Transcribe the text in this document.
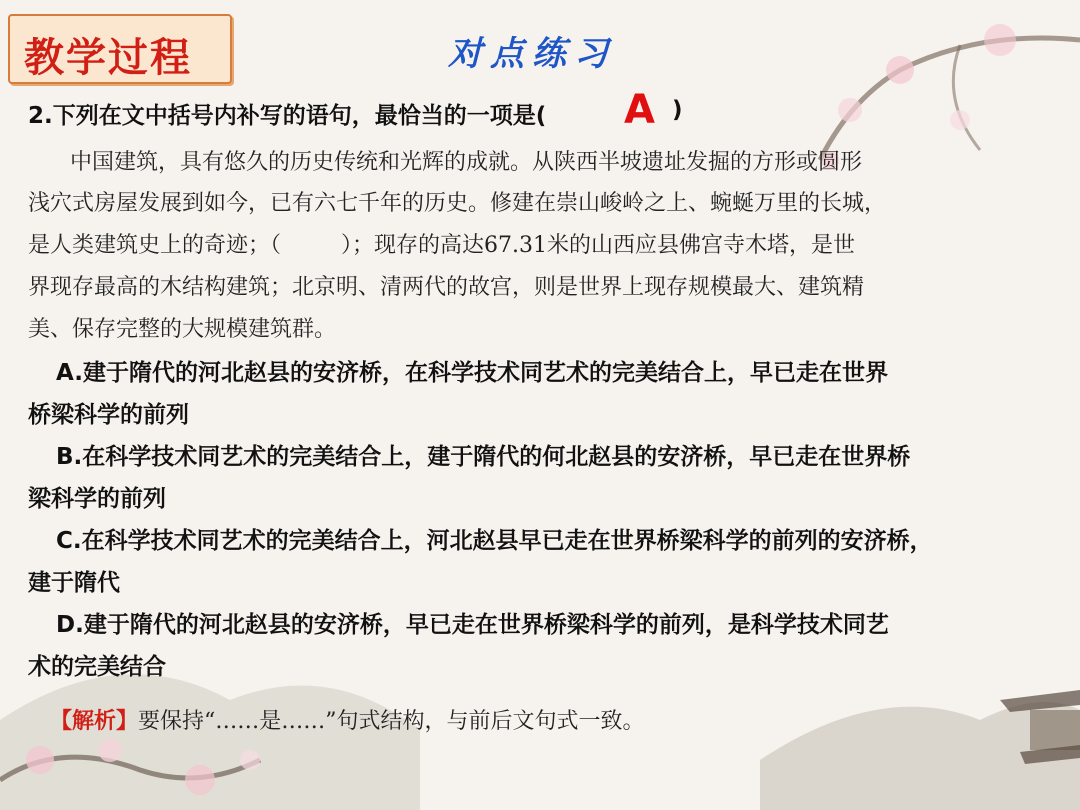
教学过程	对点练习
2.下列在文中括号内补写的语句，最恰当的一项是( A )
中国建筑，具有悠久的历史传统和光辉的成就。从陕西半坡遗址发掘的方形或圆形
浅穴式房屋发展到如今，已有六七千年的历史。修建在崇山峻岭之上、蜿蜒万里的长城，
是人类建筑史上的奇迹；（	）；现存的高达67.31米的山西应县佛宫寺木塔，是世
界现存最高的木结构建筑；北京明、清两代的故宫，则是世界上现存规模最大、建筑精
美、保存完整的大规模建筑群。
A.建于隋代的河北赵县的安济桥，在科学技术同艺术的完美结合上，早已走在世界
桥梁科学的前列
B.在科学技术同艺术的完美结合上，建于隋代的何北赵县的安济桥，早已走在世界桥
梁科学的前列
C.在科学技术同艺术的完美结合上，河北赵县早已走在世界桥梁科学的前列的安济桥，
建于隋代
D.建于隋代的河北赵县的安济桥，早已走在世界桥梁科学的前列，是科学技术同艺
术的完美结合
【解析】要保持“……是……”句式结构，与前后文句式一致。
